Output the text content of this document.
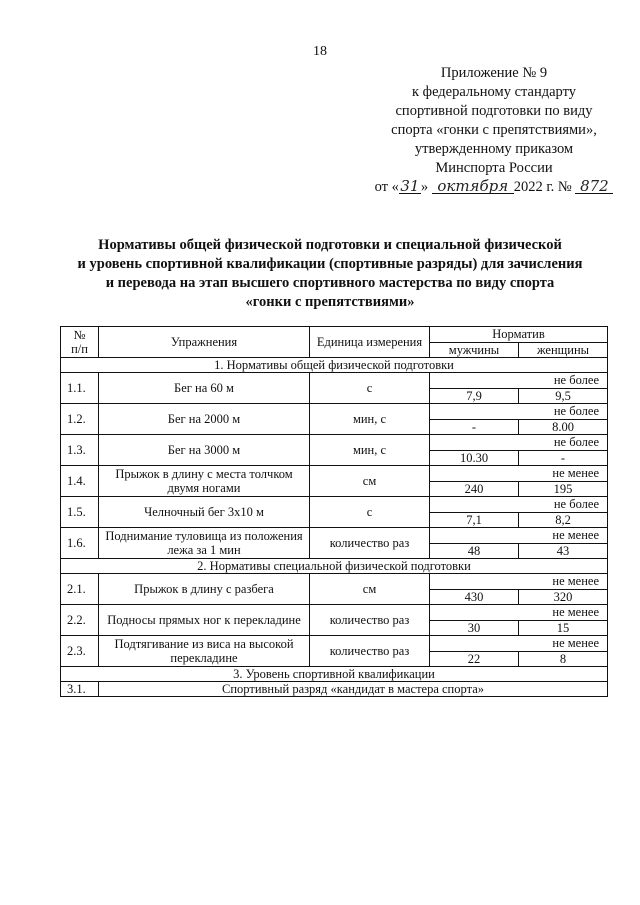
18
Приложение № 9
к федеральному стандарту
спортивной подготовки по виду
спорта «гонки с препятствиями»,
утвержденному приказом
Минспорта России
от «31» октября 2022 г. № 872
Нормативы общей физической подготовки и специальной физической
и уровень спортивной квалификации (спортивные разряды) для зачисления
и перевода на этап высшего спортивного мастерства по виду спорта
«гонки с препятствиями»
№
п/п	Упражнения	Единица измерения	Норматив	
			мужчины	женщины
1. Нормативы общей физической подготовки				
1.1.	Бег на 60 м	с	не более	
			7,9	9,5
1.2.	Бег на 2000 м	мин, с	не более	
			-	8.00
1.3.	Бег на 3000 м	мин, с	не более	
			10.30	-
1.4.	Прыжок в длину с места толчком двумя ногами	см	не менее	
			240	195
1.5.	Челночный бег 3х10 м	с	не более	
			7,1	8,2
1.6.	Поднимание туловища из положения лежа за 1 мин	количество раз	не менее	
			48	43
2. Нормативы специальной физической подготовки				
2.1.	Прыжок в длину с разбега	см	не менее	
			430	320
2.2.	Подносы прямых ног к перекладине	количество раз	не менее	
			30	15
2.3.	Подтягивание из виса на высокой перекладине	количество раз	не менее	
			22	8
3. Уровень спортивной квалификации				
3.1.	Спортивный разряд «кандидат в мастера спорта»			
